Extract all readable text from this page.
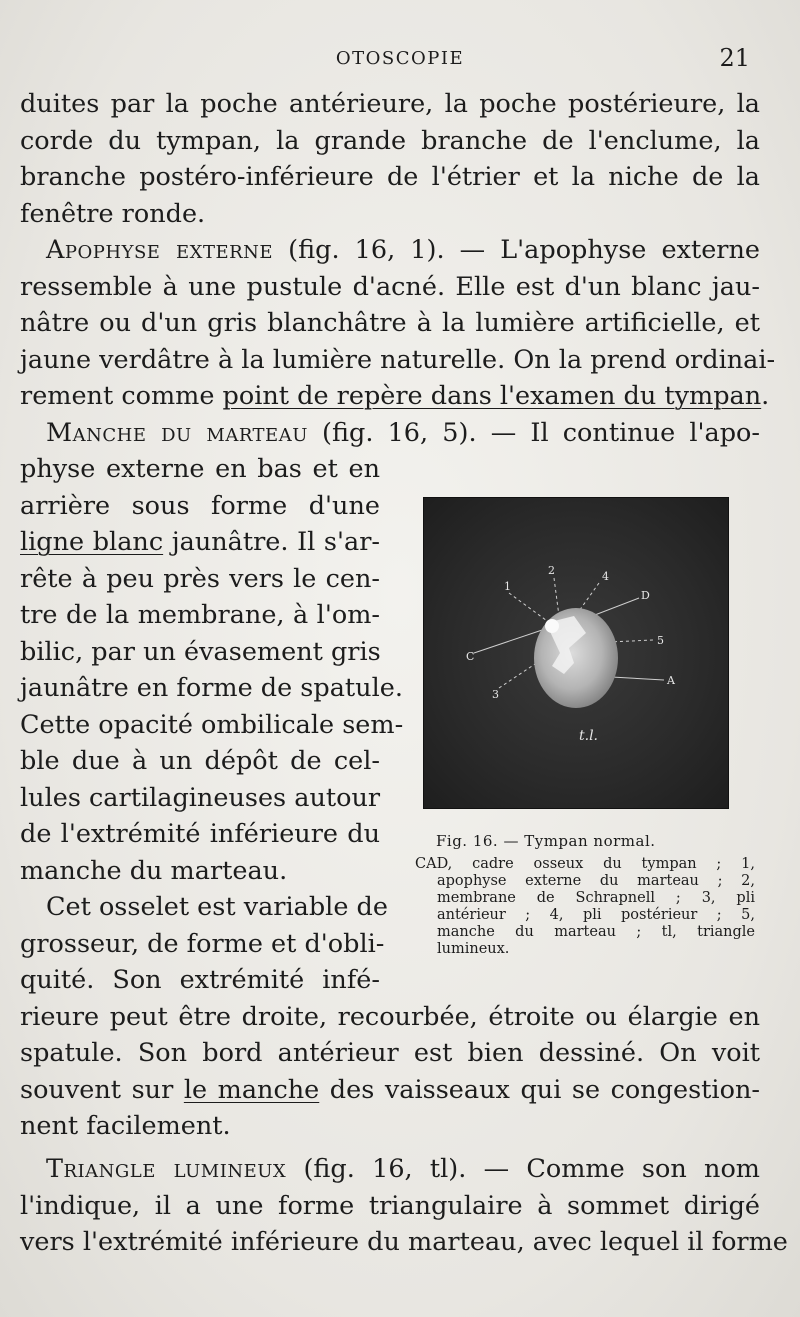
OTOSCOPIE	21
duites par la poche antérieure, la poche postérieure, la
corde du tympan, la grande branche de l'enclume, la
branche postéro-inférieure de l'étrier et la niche de la
fenêtre ronde.
Apophyse externe (fig. 16, 1). — L'apophyse externe
ressemble à une pustule d'acné. Elle est d'un blanc jau-
nâtre ou d'un gris blanchâtre à la lumière artificielle, et
jaune verdâtre à la lumière naturelle. On la prend ordinai-
rement comme point de repère dans l'examen du tympan.
Manche du marteau (fig. 16, 5). — Il continue l'apo-
physe externe en bas et en
arrière sous forme d'une
ligne blanc jaunâtre. Il s'ar-
rête à peu près vers le cen-
tre de la membrane, à l'om-
bilic, par un évasement gris
jaunâtre en forme de spatule.
Cette opacité ombilicale sem-
ble due à un dépôt de cel-
lules cartilagineuses autour
de l'extrémité inférieure du
manche du marteau.
Cet osselet est variable de
grosseur, de forme et d'obli-
quité. Son extrémité infé-
rieure peut être droite, recourbée, étroite ou élargie en
spatule. Son bord antérieur est bien dessiné. On voit
souvent sur le manche des vaisseaux qui se congestion-
nent facilement.
Triangle lumineux (fig. 16, tl). — Comme son nom
l'indique, il a une forme triangulaire à sommet dirigé
vers l'extrémité inférieure du marteau, avec lequel il forme
1
2	4
D
5
C
3
A
t.l.
Fig. 16. — Tympan normal.
CAD, cadre osseux du tympan ; 1,
apophyse externe du marteau ; 2,
membrane de Schrapnell ; 3, pli
antérieur ; 4, pli postérieur ; 5,
manche du marteau ; tl, triangle
lumineux.
